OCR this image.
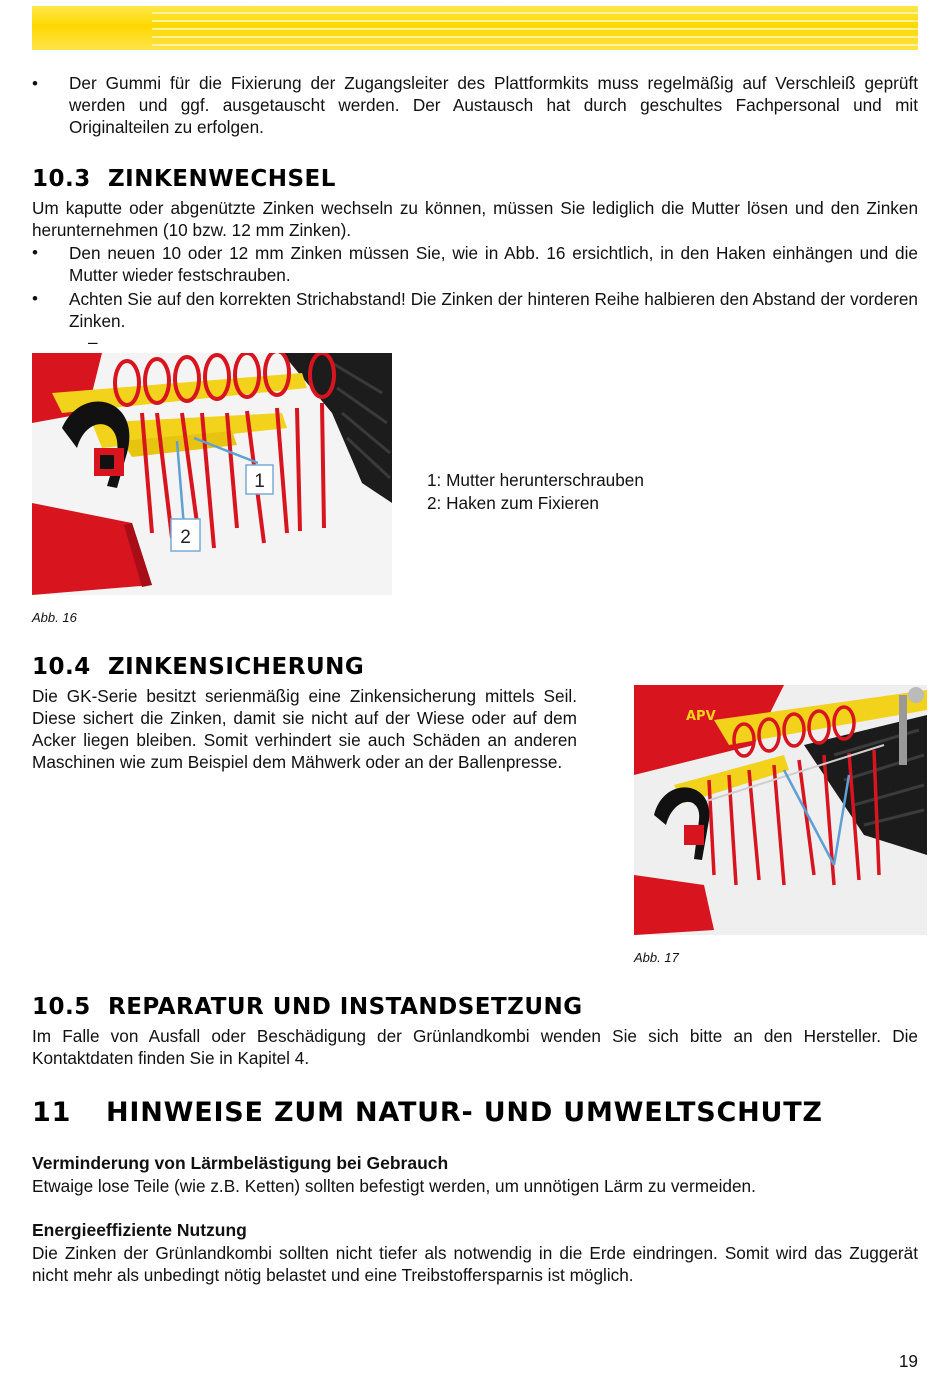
• Der Gummi für die Fixierung der Zugangsleiter des Plattformkits muss regelmäßig auf Verschleiß geprüft werden und ggf. ausgetauscht werden. Der Austausch hat durch geschultes Fachpersonal und mit Originalteilen zu erfolgen.
10.3 ZINKENWECHSEL
Um kaputte oder abgenützte Zinken wechseln zu können, müssen Sie lediglich die Mutter lösen und den Zinken herunternehmen (10 bzw. 12 mm Zinken).
• Den neuen 10 oder 12 mm Zinken müssen Sie, wie in Abb. 16 ersichtlich, in den Haken einhängen und die Mutter wieder festschrauben.
• Achten Sie auf den korrekten Strichabstand! Die Zinken der hinteren Reihe halbieren den Abstand der vorderen Zinken.
–
1
2
1: Mutter herunterschrauben
2: Haken zum Fixieren
Abb. 16
10.4 ZINKENSICHERUNG
Die GK-Serie besitzt serienmäßig eine Zinkensicherung mittels Seil. Diese sichert die Zinken, damit sie nicht auf der Wiese oder auf dem Acker liegen bleiben. Somit verhindert sie auch Schäden an anderen Maschinen wie zum Beispiel dem Mähwerk oder an der Ballenpresse.
APV
Abb. 17
10.5 REPARATUR UND INSTANDSETZUNG
Im Falle von Ausfall oder Beschädigung der Grünlandkombi wenden Sie sich bitte an den Hersteller. Die Kontaktdaten finden Sie in Kapitel 4.
11 HINWEISE ZUM NATUR- UND UMWELTSCHUTZ
Verminderung von Lärmbelästigung bei Gebrauch
Etwaige lose Teile (wie z.B. Ketten) sollten befestigt werden, um unnötigen Lärm zu vermeiden.
Energieeffiziente Nutzung
Die Zinken der Grünlandkombi sollten nicht tiefer als notwendig in die Erde eindringen. Somit wird das Zuggerät nicht mehr als unbedingt nötig belastet und eine Treibstoffersparnis ist möglich.
19
